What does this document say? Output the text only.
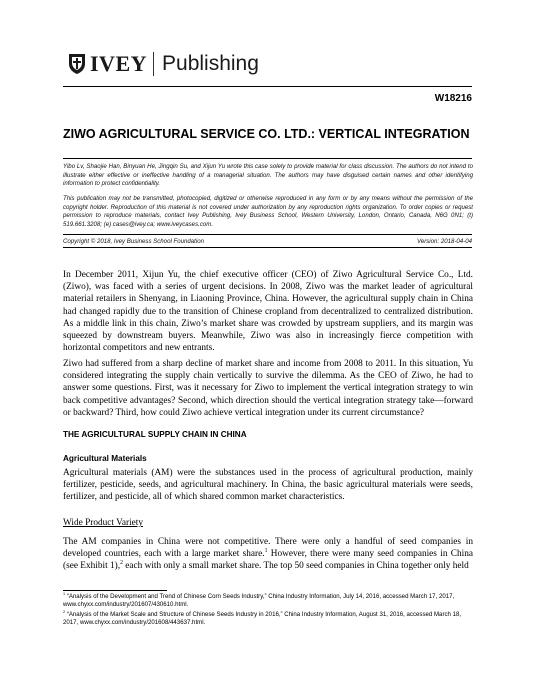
IVEY Publishing
W18216
ZIWO AGRICULTURAL SERVICE CO. LTD.: VERTICAL INTEGRATION
Yibo Lv, Shaojie Han, Binyuan He, Jingqin Su, and Xijun Yu wrote this case solely to provide material for class discussion. The authors do not intend to illustrate either effective or ineffective handling of a managerial situation. The authors may have disguised certain names and other identifying information to protect confidentiality.
This publication may not be transmitted, photocopied, digitized or otherwise reproduced in any form or by any means without the permission of the copyright holder. Reproduction of this material is not covered under authorization by any reproduction rights organization. To order copies or request permission to reproduce materials, contact Ivey Publishing, Ivey Business School, Western University, London, Ontario, Canada, N6G 0N1; (t) 519.661.3208; (e) cases@ivey.ca; www.iveycases.com.
Copyright © 2018, Ivey Business School Foundation	Version: 2018-04-04

In December 2011, Xijun Yu, the chief executive officer (CEO) of Ziwo Agricultural Service Co., Ltd. (Ziwo), was faced with a series of urgent decisions. In 2008, Ziwo was the market leader of agricultural material retailers in Shenyang, in Liaoning Province, China. However, the agricultural supply chain in China had changed rapidly due to the transition of Chinese cropland from decentralized to centralized distribution. As a middle link in this chain, Ziwo’s market share was crowded by upstream suppliers, and its margin was squeezed by downstream buyers. Meanwhile, Ziwo was also in increasingly fierce competition with horizontal competitors and new entrants.

Ziwo had suffered from a sharp decline of market share and income from 2008 to 2011. In this situation, Yu considered integrating the supply chain vertically to survive the dilemma. As the CEO of Ziwo, he had to answer some questions. First, was it necessary for Ziwo to implement the vertical integration strategy to win back competitive advantages? Second, which direction should the vertical integration strategy take—forward or backward? Third, how could Ziwo achieve vertical integration under its current circumstance?

THE AGRICULTURAL SUPPLY CHAIN IN CHINA
Agricultural Materials

Agricultural materials (AM) were the substances used in the process of agricultural production, mainly fertilizer, pesticide, seeds, and agricultural machinery. In China, the basic agricultural materials were seeds, fertilizer, and pesticide, all of which shared common market characteristics.

Wide Product Variety

The AM companies in China were not competitive. There were only a handful of seed companies in developed countries, each with a large market share.$^1$ However, there were many seed companies in China (see Exhibit 1),$^2$ each with only a small market share. The top 50 seed companies in China together only held

$^1$ “Analysis of the Development and Trend of Chinese Corn Seeds Industry,” China Industry Information, July 14, 2016, accessed March 17, 2017, www.chyxx.com/industry/201607/430610.html.
$^2$ “Analysis of the Market Scale and Structure of Chinese Seeds Industry in 2016,” China Industry Information, August 31, 2016, accessed March 18, 2017, www.chyxx.com/industry/201608/443637.html.
